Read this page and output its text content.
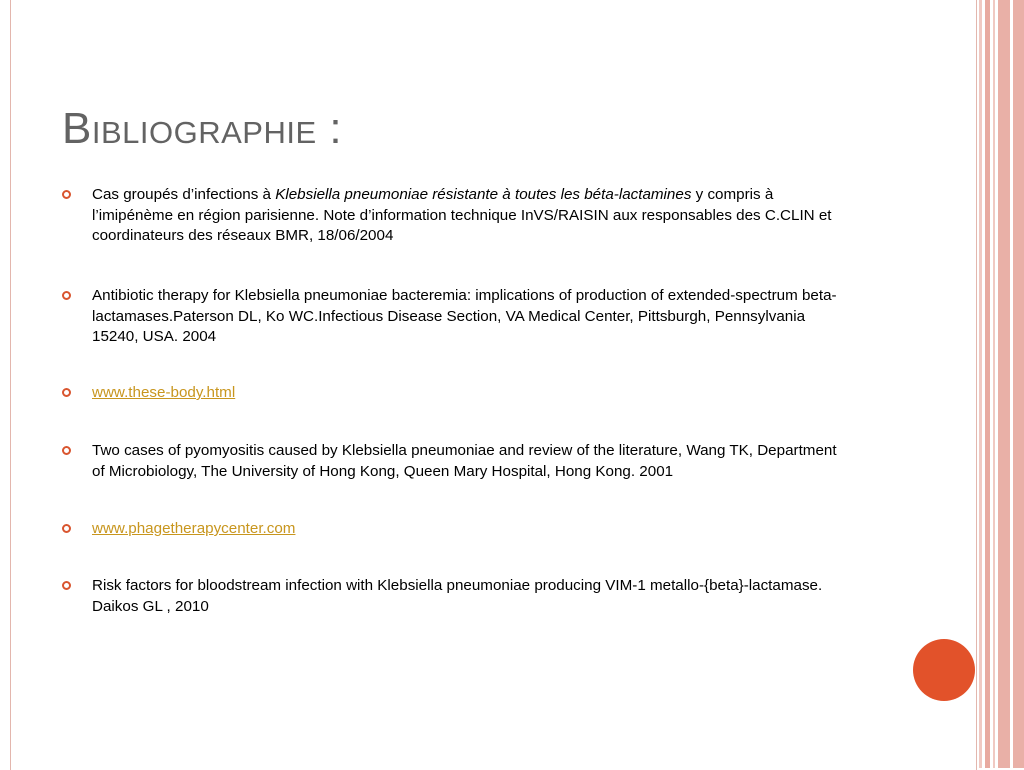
Bibliographie :
Cas groupés d’infections à Klebsiella pneumoniae résistante à toutes les béta-lactamines y compris à l’imipénème en région parisienne. Note d’information technique InVS/RAISIN aux responsables des C.CLIN et coordinateurs des réseaux BMR, 18/06/2004
Antibiotic therapy for Klebsiella pneumoniae bacteremia: implications of production of extended-spectrum beta-lactamases.Paterson DL, Ko WC.Infectious Disease Section, VA Medical Center, Pittsburgh, Pennsylvania 15240, USA. 2004
www.these-body.html
Two cases of pyomyositis caused by Klebsiella pneumoniae and review of the literature, Wang TK, Department of Microbiology, The University of Hong Kong, Queen Mary Hospital, Hong Kong. 2001
www.phagetherapycenter.com
Risk factors for bloodstream infection with Klebsiella pneumoniae producing VIM-1 metallo-{beta}-lactamase. Daikos GL , 2010
